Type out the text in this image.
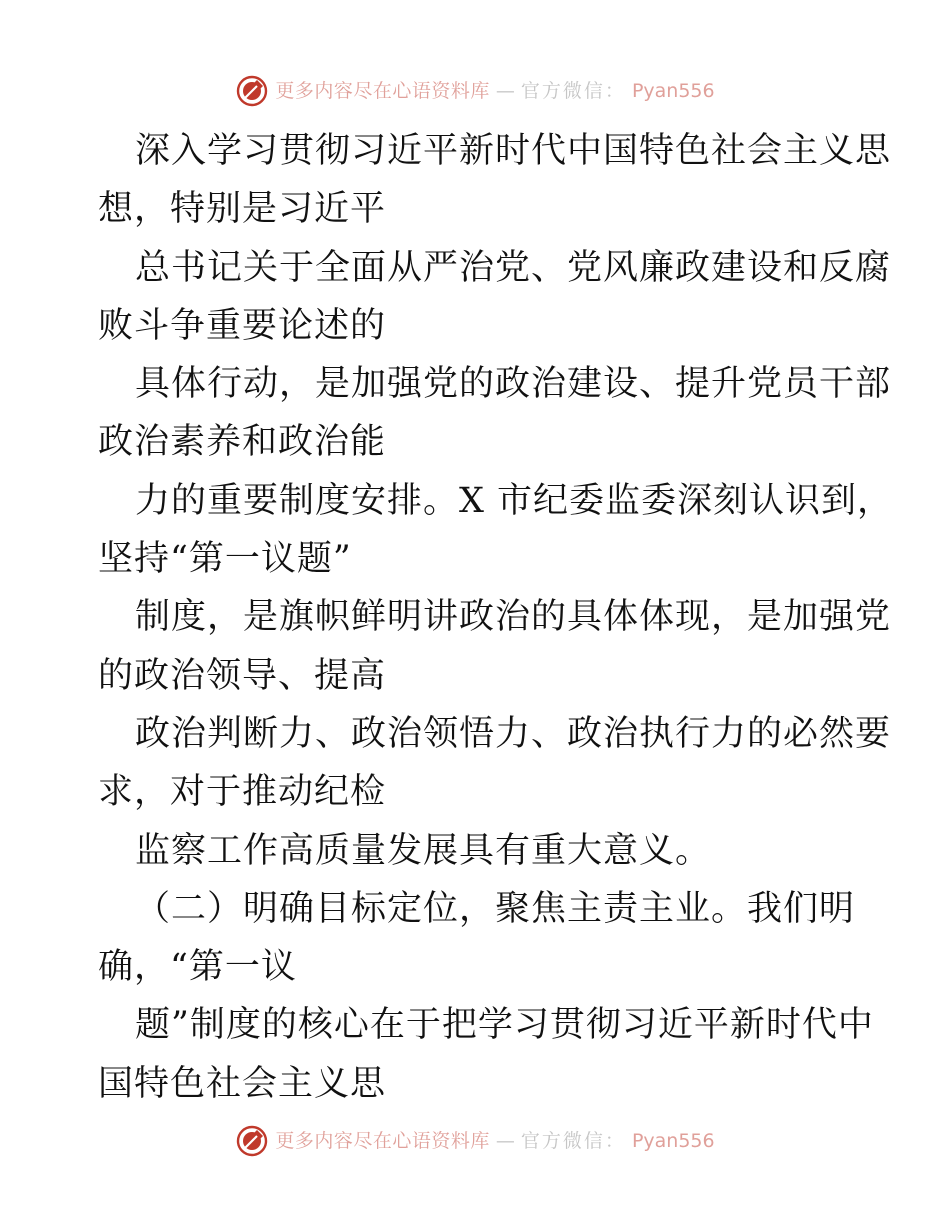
更多内容尽在心语资料库 — 官方微信： Pyan556
深入学习贯彻习近平新时代中国特色社会主义思
想，特别是习近平
总书记关于全面从严治党、党风廉政建设和反腐
败斗争重要论述的
具体行动，是加强党的政治建设、提升党员干部
政治素养和政治能
力的重要制度安排。X 市纪委监委深刻认识到，
坚持“第一议题”
制度，是旗帜鲜明讲政治的具体体现，是加强党
的政治领导、提高
政治判断力、政治领悟力、政治执行力的必然要
求，对于推动纪检
监察工作高质量发展具有重大意义。
（二）明确目标定位，聚焦主责主业。我们明
确，“第一议
题”制度的核心在于把学习贯彻习近平新时代中
国特色社会主义思
更多内容尽在心语资料库 — 官方微信： Pyan556
